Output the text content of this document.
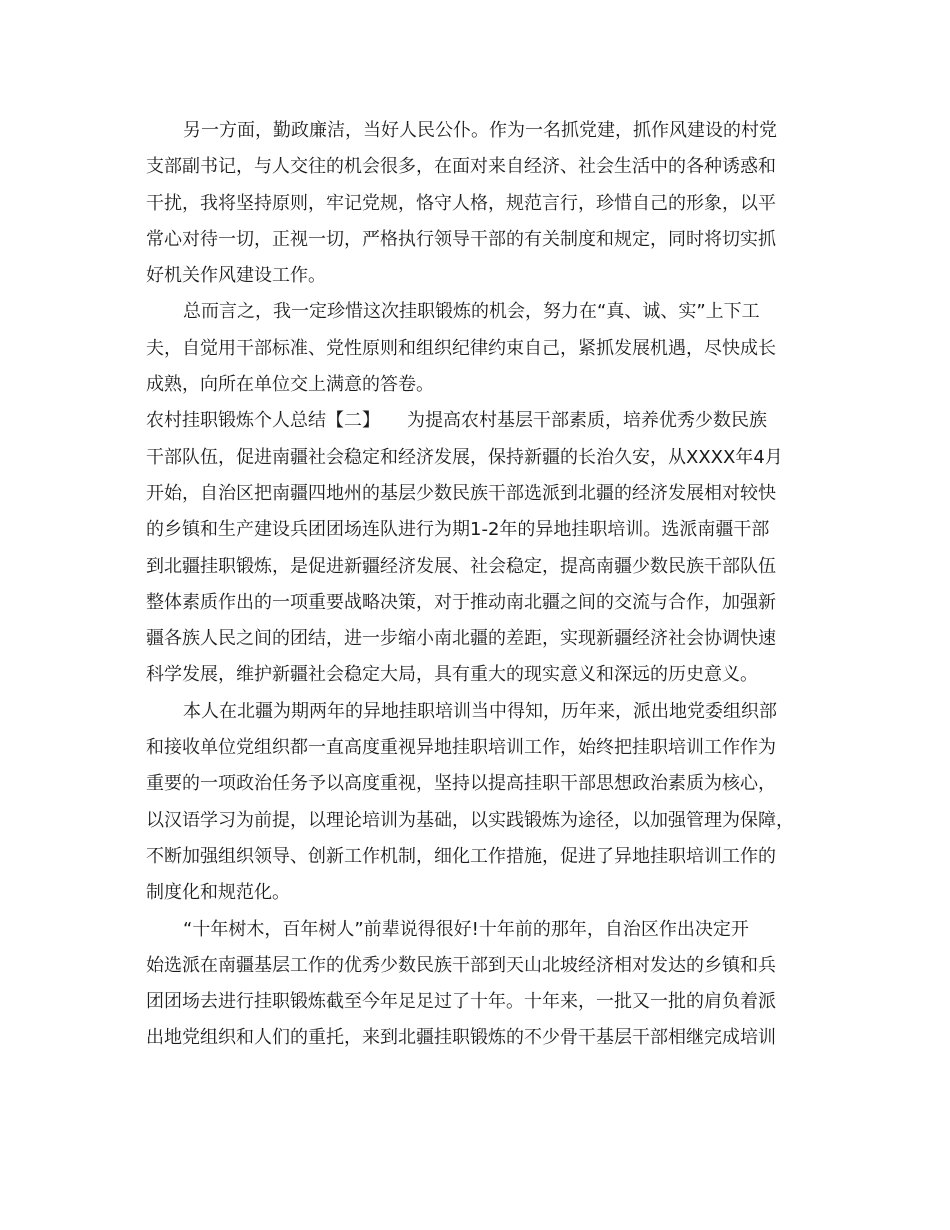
另一方面，勤政廉洁，当好人民公仆。作为一名抓党建，抓作风建设的村党
支部副书记，与人交往的机会很多，在面对来自经济、社会生活中的各种诱惑和
干扰，我将坚持原则，牢记党规，恪守人格，规范言行，珍惜自己的形象，以平
常心对待一切，正视一切，严格执行领导干部的有关制度和规定，同时将切实抓
好机关作风建设工作。
总而言之，我一定珍惜这次挂职锻炼的机会，努力在“真、诚、实”上下工
夫，自觉用干部标准、党性原则和组织纪律约束自己，紧抓发展机遇，尽快成长
成熟，向所在单位交上满意的答卷。
农村挂职锻炼个人总结【二】　　为提高农村基层干部素质，培养优秀少数民族
干部队伍，促进南疆社会稳定和经济发展，保持新疆的长治久安，从XXXX年4月
开始，自治区把南疆四地州的基层少数民族干部选派到北疆的经济发展相对较快
的乡镇和生产建设兵团团场连队进行为期1-2年的异地挂职培训。选派南疆干部
到北疆挂职锻炼，是促进新疆经济发展、社会稳定，提高南疆少数民族干部队伍
整体素质作出的一项重要战略决策，对于推动南北疆之间的交流与合作，加强新
疆各族人民之间的团结，进一步缩小南北疆的差距，实现新疆经济社会协调快速
科学发展，维护新疆社会稳定大局，具有重大的现实意义和深远的历史意义。
本人在北疆为期两年的异地挂职培训当中得知，历年来，派出地党委组织部
和接收单位党组织都一直高度重视异地挂职培训工作，始终把挂职培训工作作为
重要的一项政治任务予以高度重视，坚持以提高挂职干部思想政治素质为核心，
以汉语学习为前提，以理论培训为基础，以实践锻炼为途径，以加强管理为保障，
不断加强组织领导、创新工作机制，细化工作措施，促进了异地挂职培训工作的
制度化和规范化。
“十年树木，百年树人”前辈说得很好!十年前的那年，自治区作出决定开
始选派在南疆基层工作的优秀少数民族干部到天山北坡经济相对发达的乡镇和兵
团团场去进行挂职锻炼截至今年足足过了十年。十年来，一批又一批的肩负着派
出地党组织和人们的重托，来到北疆挂职锻炼的不少骨干基层干部相继完成培训
